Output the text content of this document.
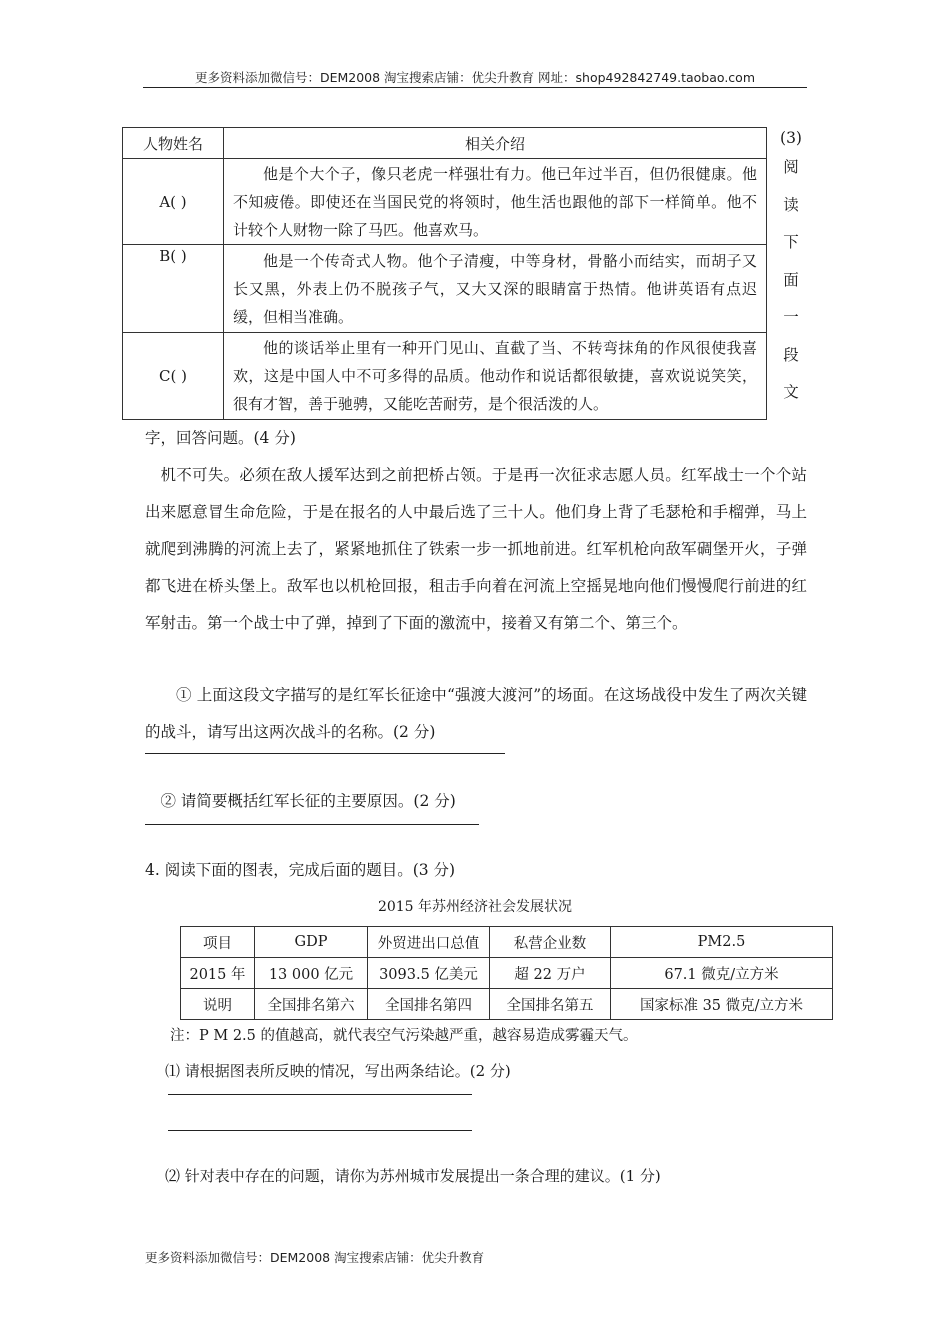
更多资料添加微信号：DEM2008 淘宝搜索店铺：优尖升教育 网址：shop492842749.taobao.com
人物姓名	相关介绍
A( )	他是个大个子，像只老虎一样强壮有力。他已年过半百，但仍很健康。他不知疲倦。即使还在当国民党的将领时，他生活也跟他的部下一样简单。他不计较个人财物一除了马匹。他喜欢马。
B( )	他是一个传奇式人物。他个子清瘦，中等身材，骨骼小而结实，而胡子又长又黑，外表上仍不脱孩子气，又大又深的眼睛富于热情。他讲英语有点迟缓，但相当准确。
C( )	他的谈话举止里有一种开门见山、直截了当、不转弯抹角的作风很使我喜欢，这是中国人中不可多得的品质。他动作和说话都很敏捷，喜欢说说笑笑，很有才智，善于驰骋，又能吃苦耐劳，是个很活泼的人。
(3)
阅
读
下
面
一
段
文
字，回答问题。(4 分)
机不可失。必须在敌人援军达到之前把桥占领。于是再一次征求志愿人员。红军战士一个个站出来愿意冒生命危险，于是在报名的人中最后选了三十人。他们身上背了毛瑟枪和手榴弹，马上就爬到沸腾的河流上去了，紧紧地抓住了铁索一步一抓地前进。红军机枪向敌军碉堡开火，子弹都飞进在桥头堡上。敌军也以机枪回报，租击手向着在河流上空摇晃地向他们慢慢爬行前进的红军射击。第一个战士中了弹，掉到了下面的激流中，接着又有第二个、第三个。
① 上面这段文字描写的是红军长征途中“强渡大渡河”的场面。在这场战役中发生了两次关键的战斗，请写出这两次战斗的名称。(2 分)
② 请简要概括红军长征的主要原因。(2 分)
4. 阅读下面的图表，完成后面的题目。(3 分)
2015 年苏州经济社会发展状况
项目	GDP	外贸进出口总值	私营企业数	PM2.5
2015 年	13 000 亿元	3093.5 亿美元	超 22 万户	67.1 微克/立方米
说明	全国排名第六	全国排名第四	全国排名第五	国家标准 35 微克/立方米
注：P M 2.5 的值越高，就代表空气污染越严重，越容易造成雾霾天气。
⑴ 请根据图表所反映的情况，写出两条结论。(2 分)
⑵ 针对表中存在的问题，请你为苏州城市发展提出一条合理的建议。(1 分)
更多资料添加微信号：DEM2008 淘宝搜索店铺：优尖升教育
